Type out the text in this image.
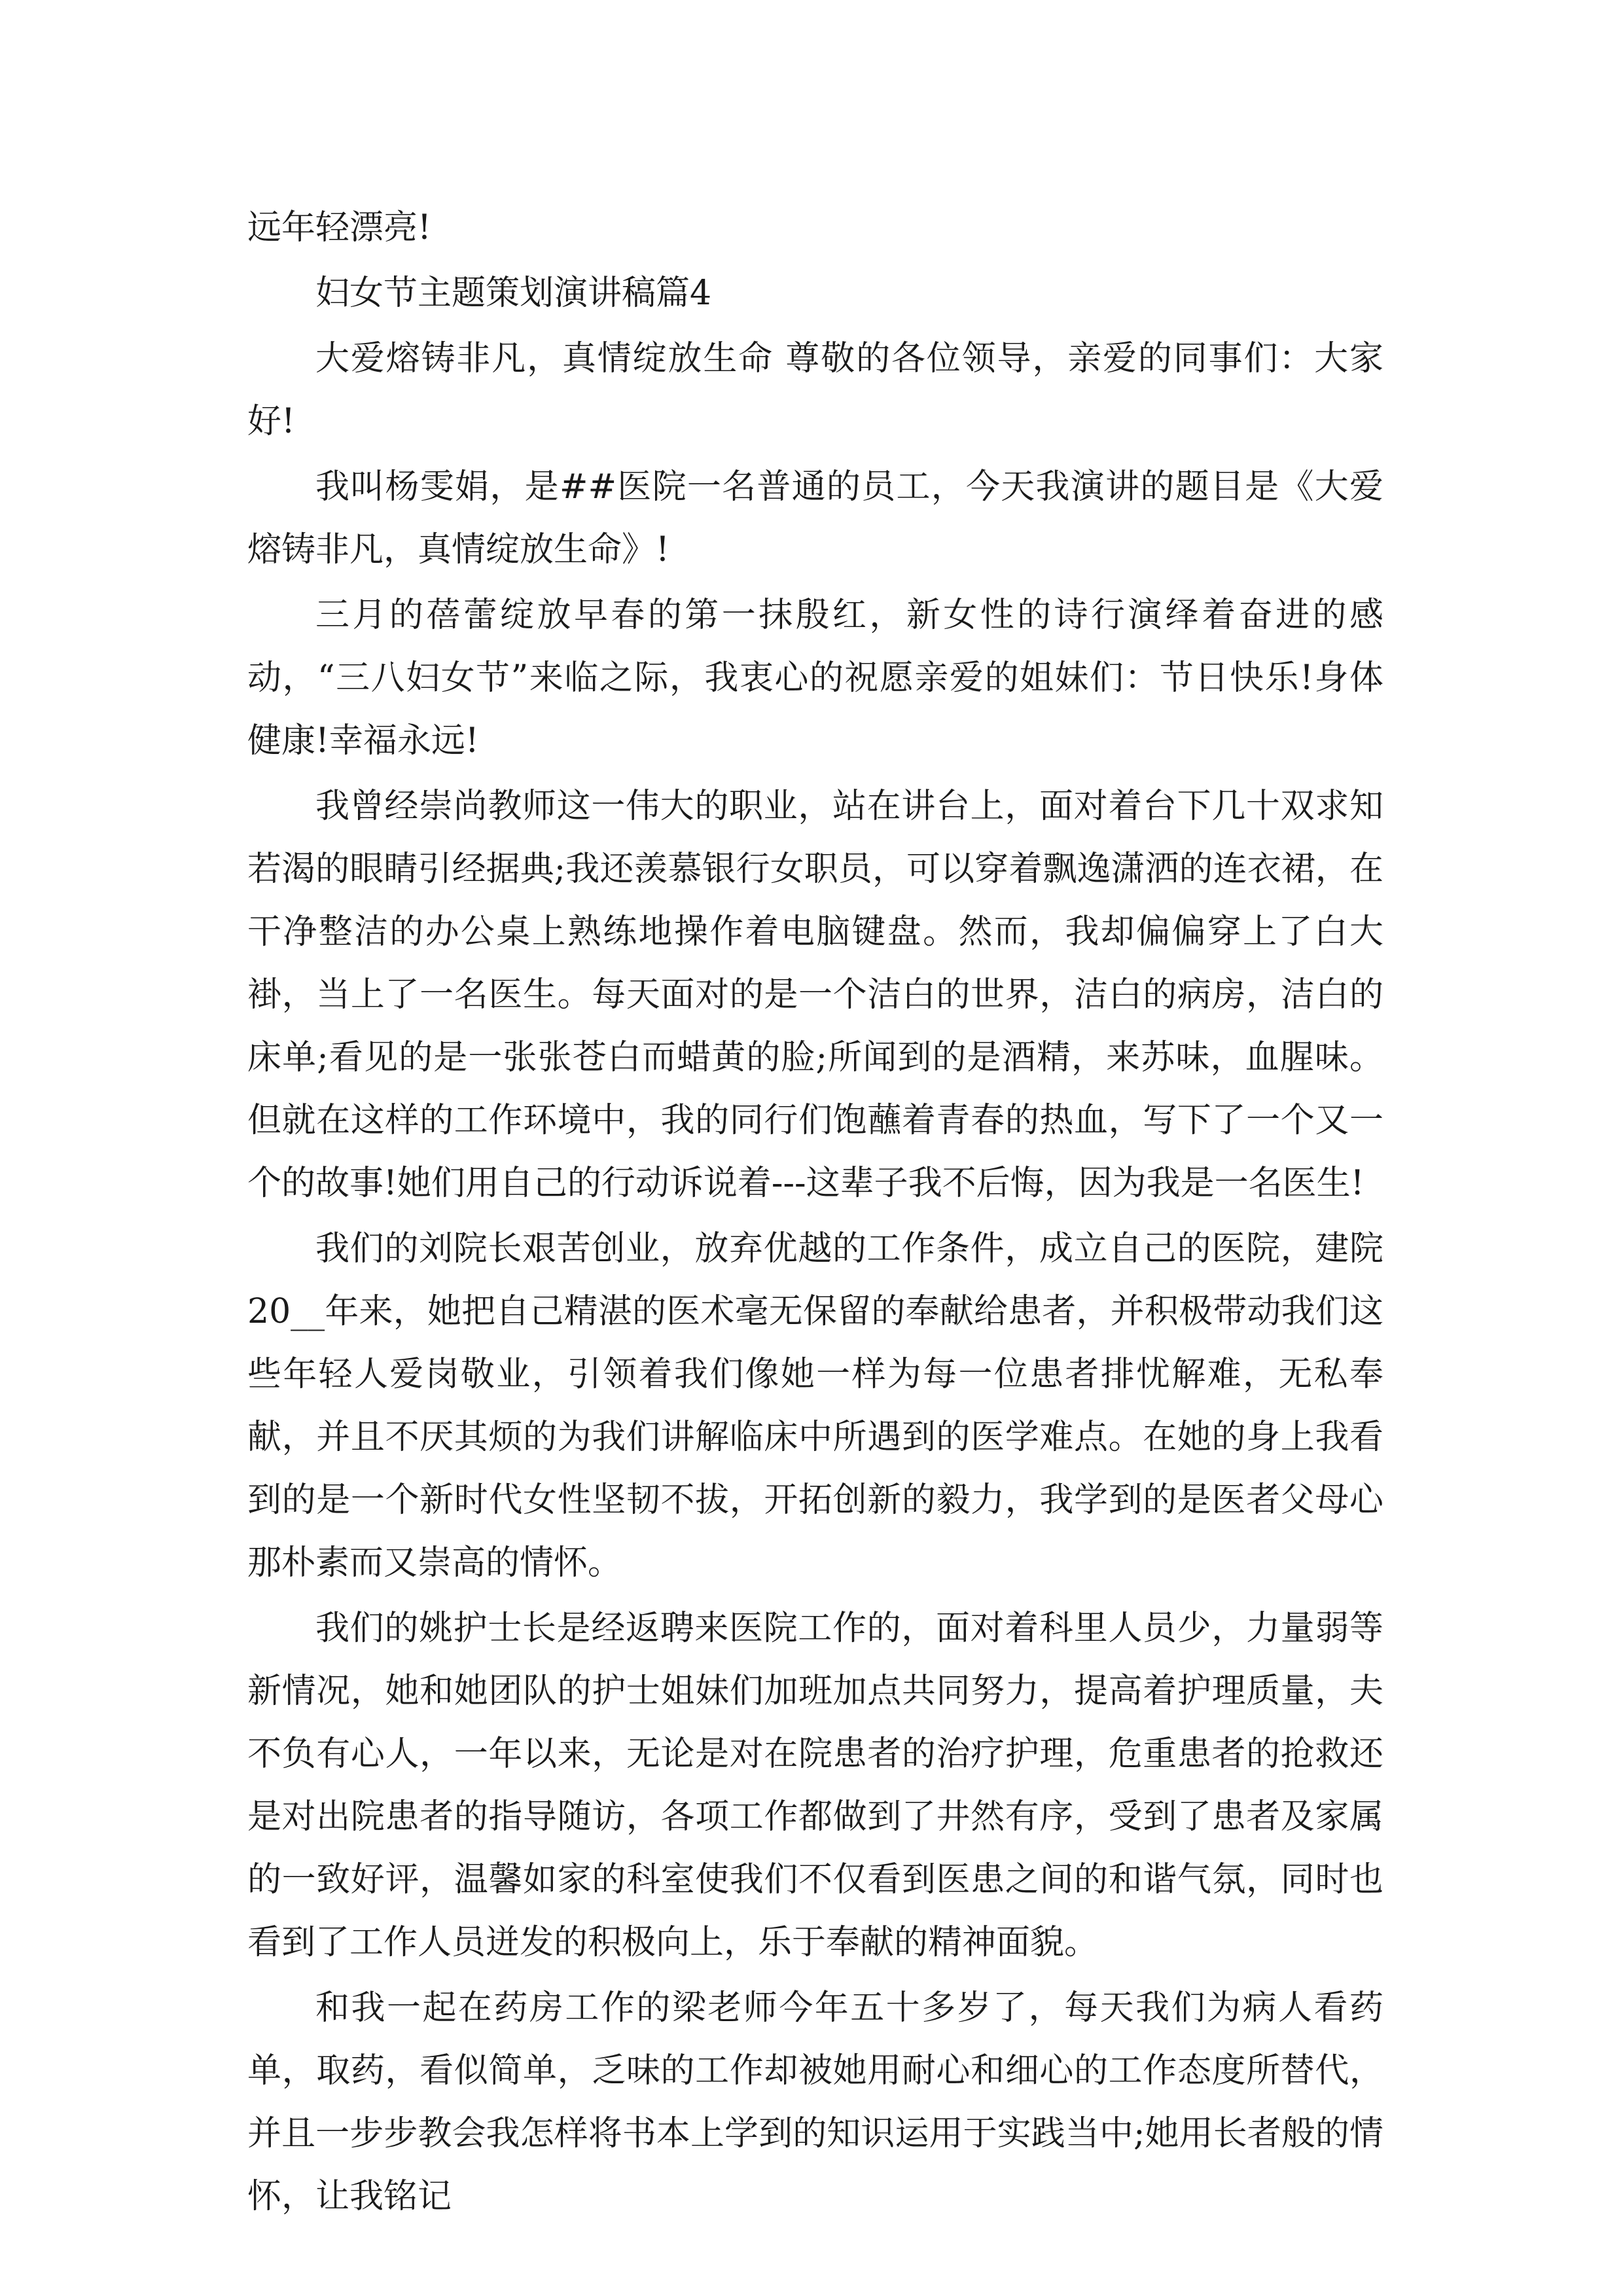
远年轻漂亮!

妇女节主题策划演讲稿篇4

大爱熔铸非凡，真情绽放生命 尊敬的各位领导，亲爱的同事们：大家好!

我叫杨雯娟，是##医院一名普通的员工，今天我演讲的题目是《大爱熔铸非凡，真情绽放生命》!

三月的蓓蕾绽放早春的第一抹殷红，新女性的诗行演绎着奋进的感动，“三八妇女节”来临之际，我衷心的祝愿亲爱的姐妹们：节日快乐!身体健康!幸福永远!

我曾经崇尚教师这一伟大的职业，站在讲台上，面对着台下几十双求知若渴的眼睛引经据典;我还羡慕银行女职员，可以穿着飘逸潇洒的连衣裙，在干净整洁的办公桌上熟练地操作着电脑键盘。然而，我却偏偏穿上了白大褂，当上了一名医生。每天面对的是一个洁白的世界，洁白的病房，洁白的床单;看见的是一张张苍白而蜡黄的脸;所闻到的是酒精，来苏味，血腥味。但就在这样的工作环境中，我的同行们饱蘸着青春的热血，写下了一个又一个的故事!她们用自己的行动诉说着---这辈子我不后悔，因为我是一名医生!

我们的刘院长艰苦创业，放弃优越的工作条件，成立自己的医院，建院20__年来，她把自己精湛的医术毫无保留的奉献给患者，并积极带动我们这些年轻人爱岗敬业，引领着我们像她一样为每一位患者排忧解难，无私奉献，并且不厌其烦的为我们讲解临床中所遇到的医学难点。在她的身上我看到的是一个新时代女性坚韧不拔，开拓创新的毅力，我学到的是医者父母心那朴素而又崇高的情怀。

我们的姚护士长是经返聘来医院工作的，面对着科里人员少，力量弱等新情况，她和她团队的护士姐妹们加班加点共同努力，提高着护理质量，夫不负有心人，一年以来，无论是对在院患者的治疗护理，危重患者的抢救还是对出院患者的指导随访，各项工作都做到了井然有序，受到了患者及家属的一致好评，温馨如家的科室使我们不仅看到医患之间的和谐气氛，同时也看到了工作人员迸发的积极向上，乐于奉献的精神面貌。

和我一起在药房工作的梁老师今年五十多岁了，每天我们为病人看药单，取药，看似简单，乏味的工作却被她用耐心和细心的工作态度所替代，并且一步步教会我怎样将书本上学到的知识运用于实践当中;她用长者般的情怀，让我铭记
